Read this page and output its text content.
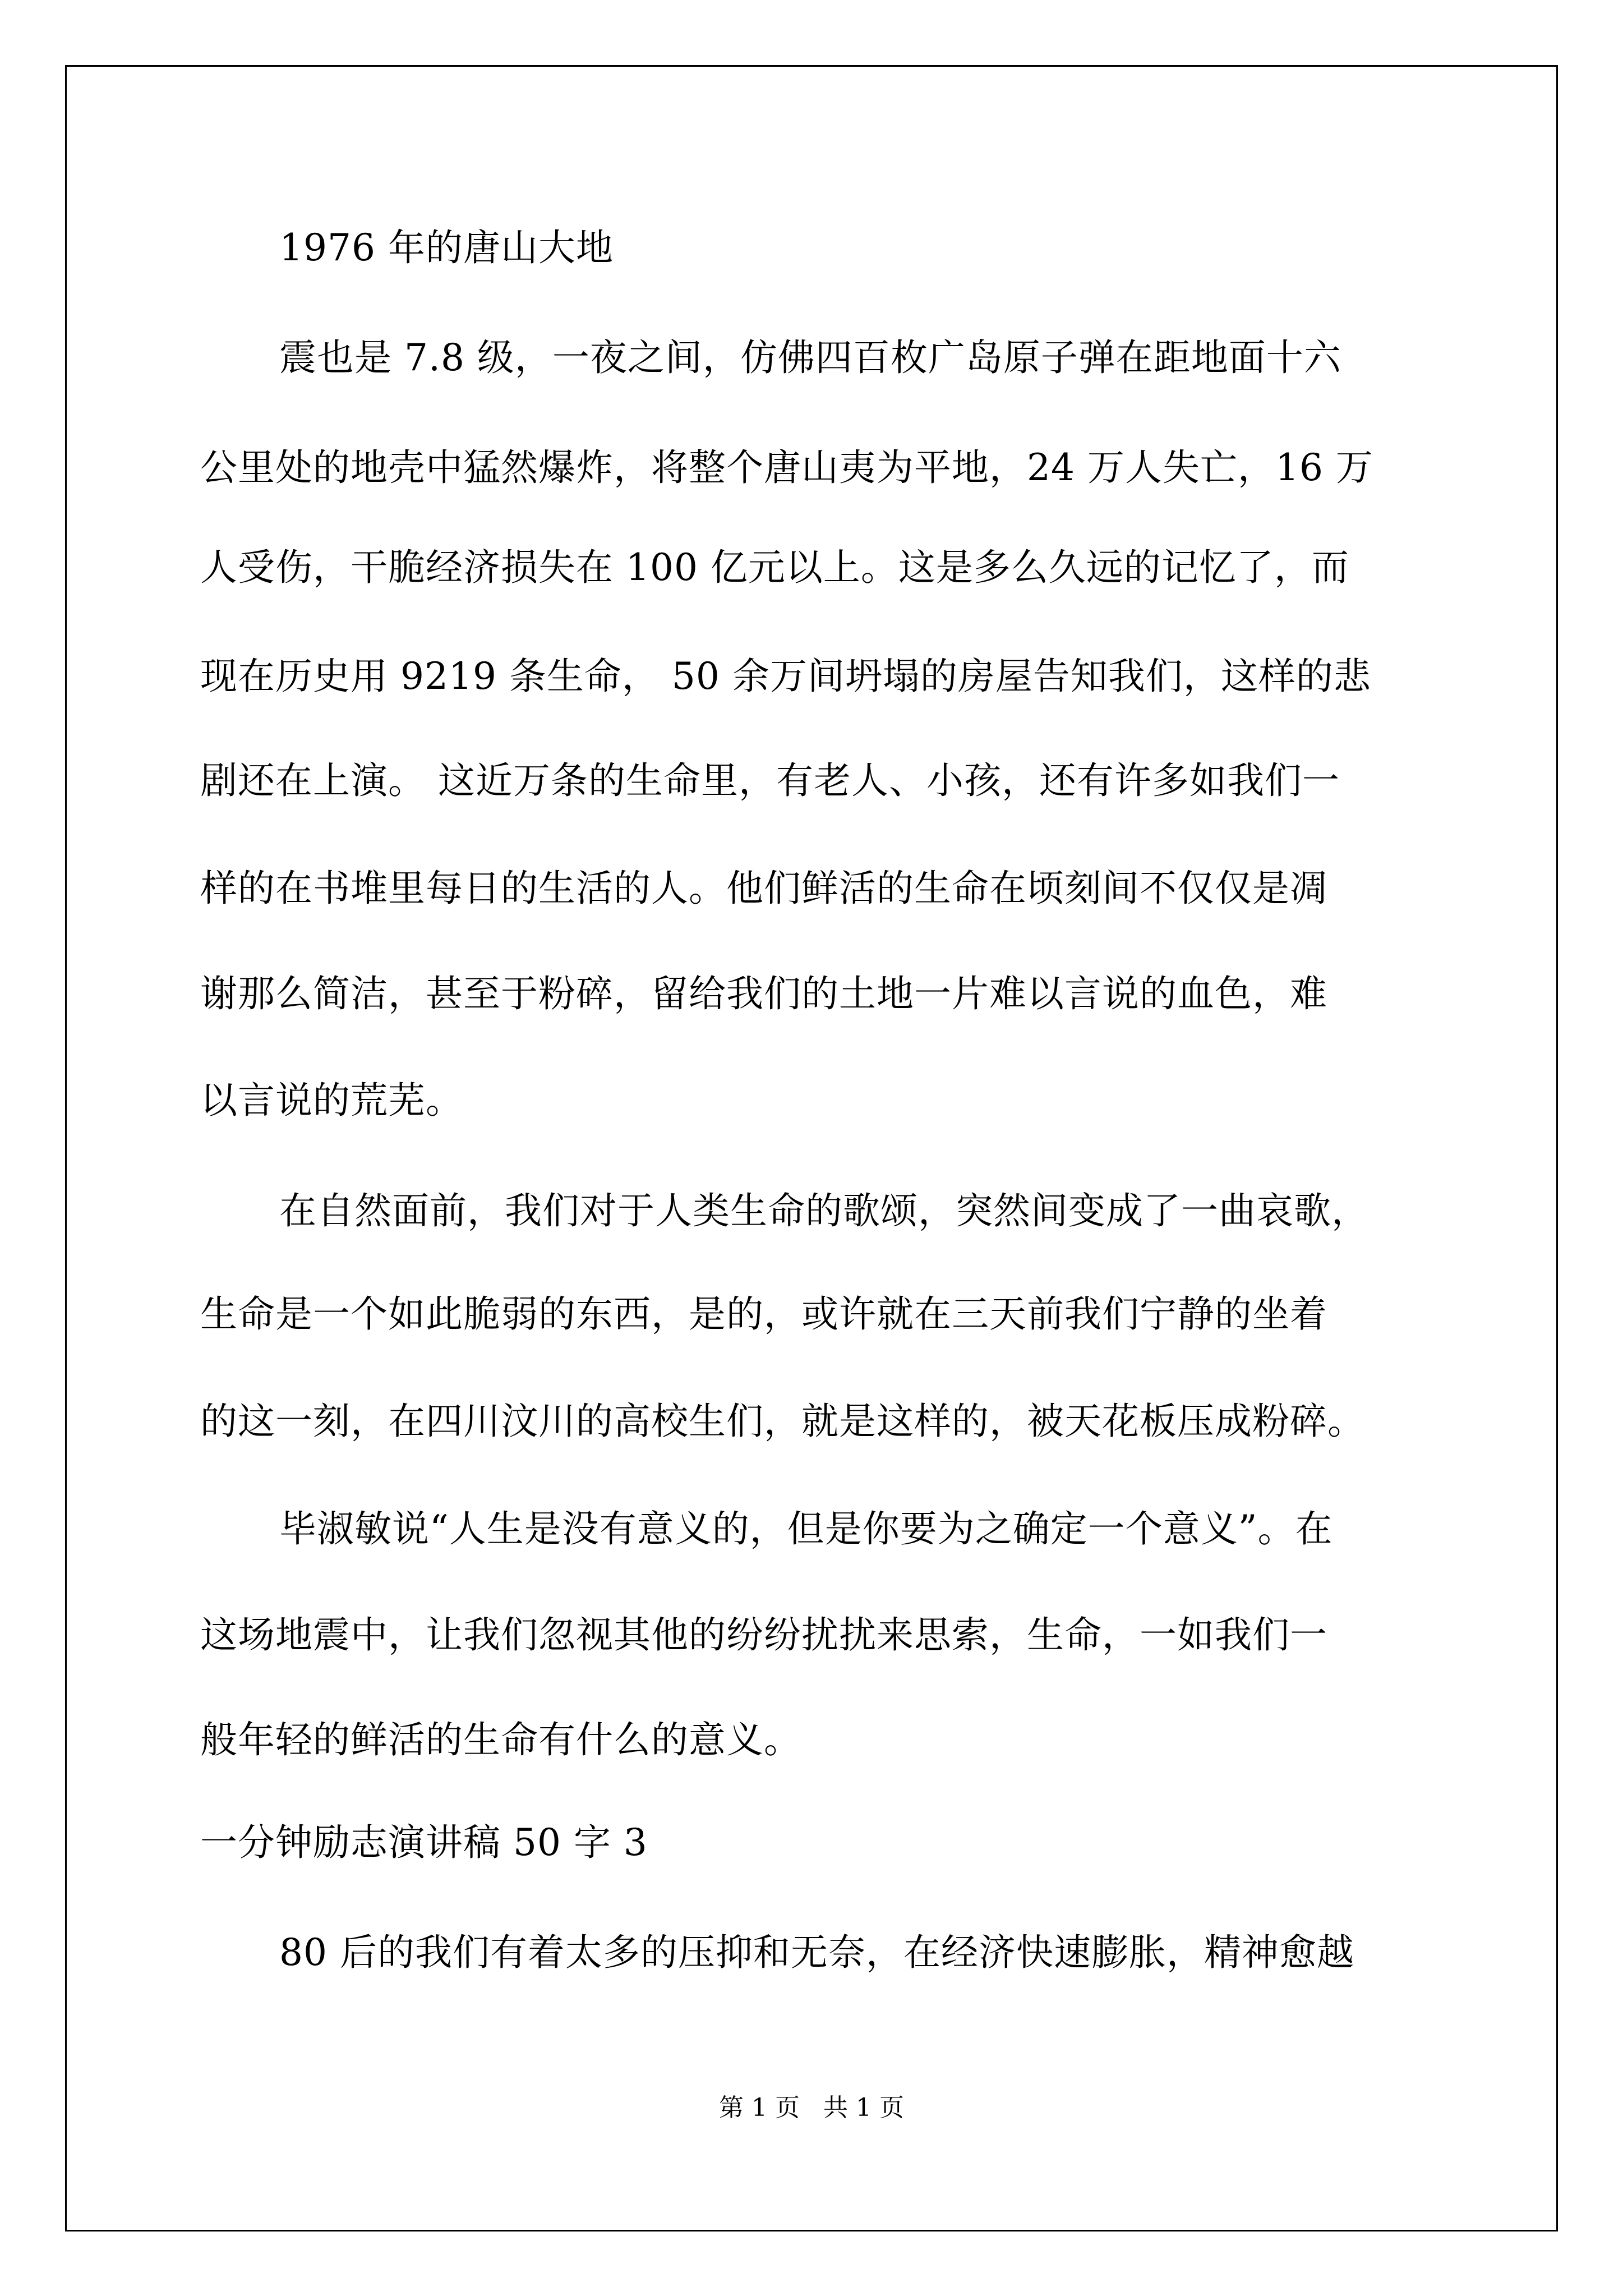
1976 年的唐山大地
震也是 7.8 级，一夜之间，仿佛四百枚广岛原子弹在距地面十六
公里处的地壳中猛然爆炸，将整个唐山夷为平地，24 万人失亡，16 万
人受伤，干脆经济损失在 100 亿元以上。这是多么久远的记忆了，而
现在历史用 9219 条生命， 50 余万间坍塌的房屋告知我们，这样的悲
剧还在上演。 这近万条的生命里，有老人、小孩，还有许多如我们一
样的在书堆里每日的生活的人。他们鲜活的生命在顷刻间不仅仅是凋
谢那么简洁，甚至于粉碎，留给我们的土地一片难以言说的血色，难
以言说的荒芜。
在自然面前，我们对于人类生命的歌颂，突然间变成了一曲哀歌，
生命是一个如此脆弱的东西，是的，或许就在三天前我们宁静的坐着
的这一刻，在四川汶川的高校生们，就是这样的，被天花板压成粉碎。
毕淑敏说“人生是没有意义的，但是你要为之确定一个意义”。在
这场地震中，让我们忽视其他的纷纷扰扰来思索，生命，一如我们一
般年轻的鲜活的生命有什么的意义。
一分钟励志演讲稿 50 字 3
80 后的我们有着太多的压抑和无奈，在经济快速膨胀，精神愈越
第 1 页   共 1 页
